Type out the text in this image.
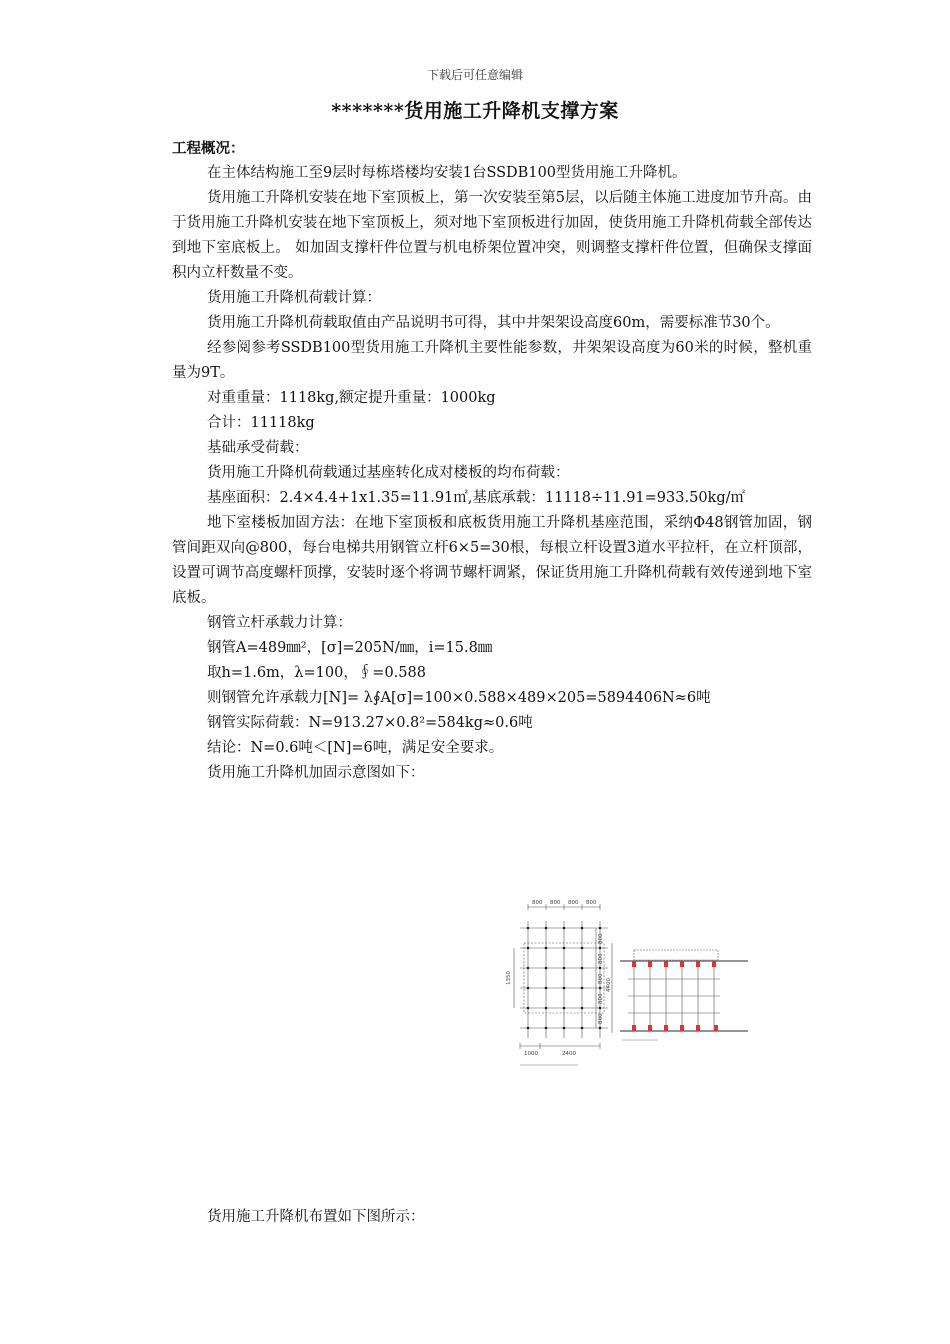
下载后可任意编辑
*******货用施工升降机支撑方案

工程概况：

在主体结构施工至9层时每栋塔楼均安装1台SSDB100型货用施工升降机。

货用施工升降机安装在地下室顶板上，第一次安装至第5层，以后随主体施工进度加节升高。由于货用施工升降机安装在地下室顶板上，须对地下室顶板进行加固，使货用施工升降机荷载全部传达到地下室底板上。 如加固支撑杆件位置与机电桥架位置冲突，则调整支撑杆件位置，但确保支撑面积内立杆数量不变。

货用施工升降机荷载计算：

货用施工升降机荷载取值由产品说明书可得，其中井架架设高度60m，需要标准节30个。

经参阅参考SSDB100型货用施工升降机主要性能参数，井架架设高度为60米的时候，整机重量为9T。

对重重量：1118kg,额定提升重量：1000kg

合计：11118kg

基础承受荷载：

货用施工升降机荷载通过基座转化成对楼板的均布荷载：

基座面积：2.4×4.4+1x1.35=11.91㎡,基底承载：11118÷11.91=933.50kg/㎡

地下室楼板加固方法：在地下室顶板和底板货用施工升降机基座范围，采纳Φ48钢管加固，钢管间距双向@800，每台电梯共用钢管立杆6×5=30根，每根立杆设置3道水平拉杆，在立杆顶部，设置可调节高度螺杆顶撑，安装时逐个将调节螺杆调紧，保证货用施工升降机荷载有效传递到地下室底板。

钢管立杆承载力计算：

钢管A=489㎜²，[σ]=205N/㎜，i=15.8㎜

取h=1.6m，λ=100，∮=0.588

则钢管允许承载力[N]= λ∮A[σ]=100×0.588×489×205=5894406N≈6吨

钢管实际荷载：N=913.27×0.8²=584kg≈0.6吨

结论：N=0.6吨＜[N]=6吨，满足安全要求。

货用施工升降机加固示意图如下：

800 800 800 800
800
800
800
800
800
1350
1000	2400
4400

货用施工升降机布置如下图所示：
